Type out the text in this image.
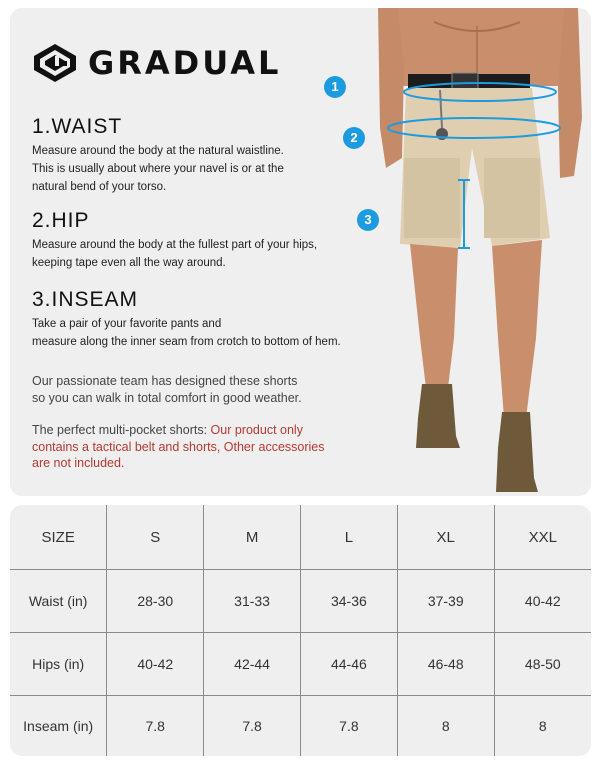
GRADUAL
1.WAIST
Measure around the body at the natural waistline.
This is usually about where your navel is or at the
natural bend of your torso.
2.HIP
Measure around the body at the fullest part of your hips,
keeping tape even all the way around.
3.INSEAM
Take a pair of your favorite pants and
measure along the inner seam from crotch to bottom of hem.
Our passionate team has designed these shorts
so you can walk in total comfort in good weather.
The perfect multi-pocket shorts: Our product only
contains a tactical belt and shorts, Other accessories
are not included.
1
2
3
SIZE	S	M	L	XL	XXL
Waist (in)	28-30	31-33	34-36	37-39	40-42
Hips (in)	40-42	42-44	44-46	46-48	48-50
Inseam (in)	7.8	7.8	7.8	8	8
